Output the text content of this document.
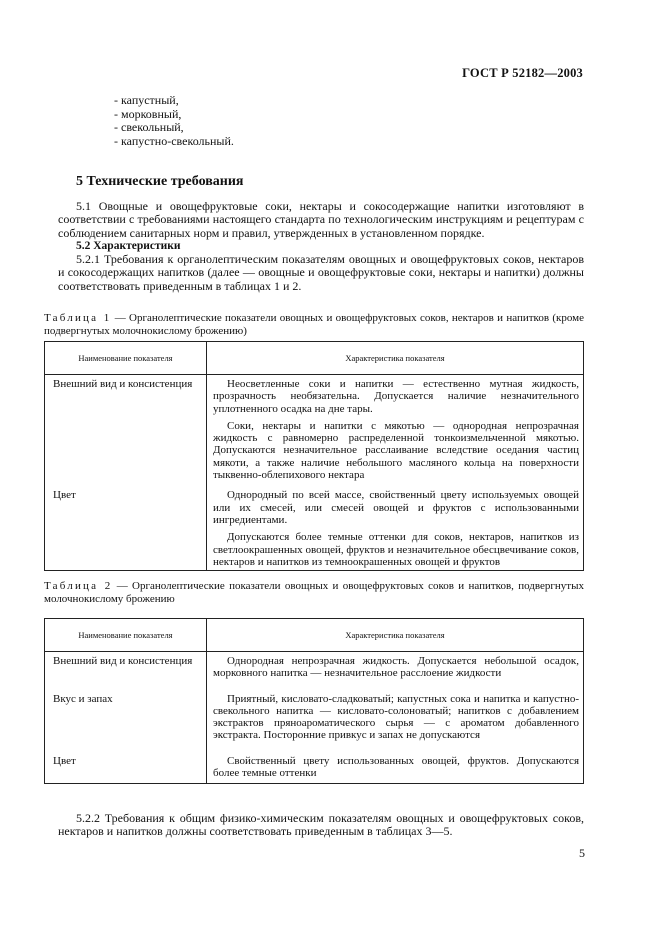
ГОСТ Р 52182—2003
- капустный,
- морковный,
- свекольный,
- капустно-свекольный.
5 Технические требования
5.1 Овощные и овощефруктовые соки, нектары и сокосодержащие напитки изготовляют в соответствии с требованиями настоящего стандарта по технологическим инструкциям и рецептурам с соблюдением санитарных норм и правил, утвержденных в установленном порядке.
5.2 Характеристики
5.2.1 Требования к органолептическим показателям овощных и овощефруктовых соков, нектаров и сокосодержащих напитков (далее — овощные и овощефруктовые соки, нектары и напитки) должны соответствовать приведенным в таблицах 1 и 2.
Таблица 1 — Органолептические показатели овощных и овощефруктовых соков, нектаров и напитков (кроме подвергнутых молочнокислому брожению)
Наименование показателя	Характеристика показателя

Внешний вид и консистенция	Неосветленные соки и напитки — естественно мутная жидкость, прозрачность необязательна. Допускается наличие незначительного уплотненного осадка на дне тары.

Соки, нектары и напитки с мякотью — однородная непрозрачная жидкость с равномерно распределенной тонкоизмельченной мякотью. Допускаются незначительное расслаивание вследствие оседания частиц мякоти, а также наличие небольшого масляного кольца на поверхности тыквенно-облепихового нектара

Цвет	Однородный по всей массе, свойственный цвету используемых овощей или их смесей, или смесей овощей и фруктов с использованными ингредиентами.

Допускаются более темные оттенки для соков, нектаров, напитков из светлоокрашенных овощей, фруктов и незначительное обесцвечивание соков, нектаров и напитков из темноокрашенных овощей и фруктов

Таблица 2 — Органолептические показатели овощных и овощефруктовых соков и напитков, подвергнутых молочнокислому брожению
Наименование показателя	Характеристика показателя

Внешний вид и консистенция	Однородная непрозрачная жидкость. Допускается небольшой осадок, морковного напитка — незначительное расслоение жидкости

Вкус и запах	Приятный, кисловато-сладковатый; капустных сока и напитка и капустно-свекольного напитка — кисловато-солоноватый; напитков с добавлением экстрактов пряноароматического сырья — с ароматом добавленного экстракта. Посторонние привкус и запах не допускаются

Цвет	Свойственный цвету использованных овощей, фруктов. Допускаются более темные оттенки

5.2.2 Требования к общим физико-химическим показателям овощных и овощефруктовых соков, нектаров и напитков должны соответствовать приведенным в таблицах 3—5.
5
